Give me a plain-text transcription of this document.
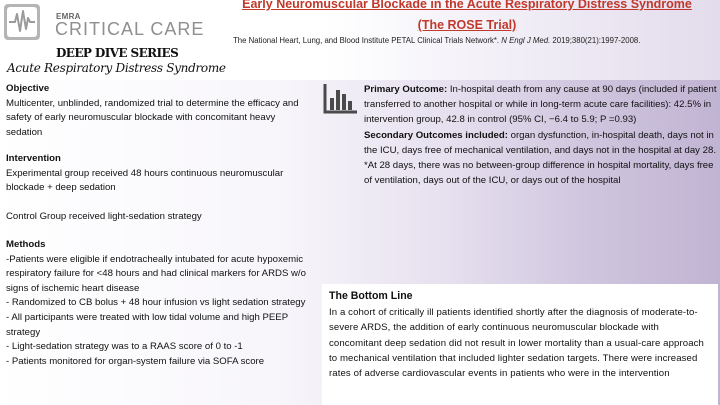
EMRA
CRITICAL CARE
DEEP DIVE SERIES
Acute Respiratory Distress Syndrome
Early Neuromuscular Blockade in the Acute Respiratory Distress Syndrome (The ROSE Trial)
The National Heart, Lung, and Blood Institute PETAL Clinical Trials Network*. N Engl J Med. 2019;380(21):1997-2008.
Objective
Multicenter, unblinded, randomized trial to determine the efficacy and safety of early neuromuscular blockade with concomitant heavy sedation
Intervention
Experimental group received 48 hours continuous neuromuscular blockade + deep sedation
Control Group received light-sedation strategy
Methods
-Patients were eligible if endotracheally intubated for acute hypoxemic respiratory failure for <48 hours and had clinical markers for ARDS w/o signs of ischemic heart disease
- Randomized to CB bolus + 48 hour infusion vs light sedation strategy
- All participants were treated with low tidal volume and high PEEP strategy
- Light-sedation strategy was to a RAAS score of 0 to -1
- Patients monitored for organ-system failure via SOFA score
Primary Outcome: In-hospital death from any cause at 90 days (included if patient transferred to another hospital or while in long-term acute care facilities): 42.5% in intervention group, 42.8 in control (95% CI, −6.4 to 5.9; P =0.93)
Secondary Outcomes included: organ dysfunction, in-hospital death, days not in the ICU, days free of mechanical ventilation, and days not in the hospital at day 28.
*At 28 days, there was no between-group difference in hospital mortality, days free of ventilation, days out of the ICU, or days out of the hospital
The Bottom Line
In a cohort of critically ill patients identified shortly after the diagnosis of moderate-to-severe ARDS, the addition of early continuous neuromuscular blockade with concomitant deep sedation did not result in lower mortality than a usual-care approach to mechanical ventilation that included lighter sedation targets. There were increased rates of adverse cardiovascular events in patients who were in the intervention
